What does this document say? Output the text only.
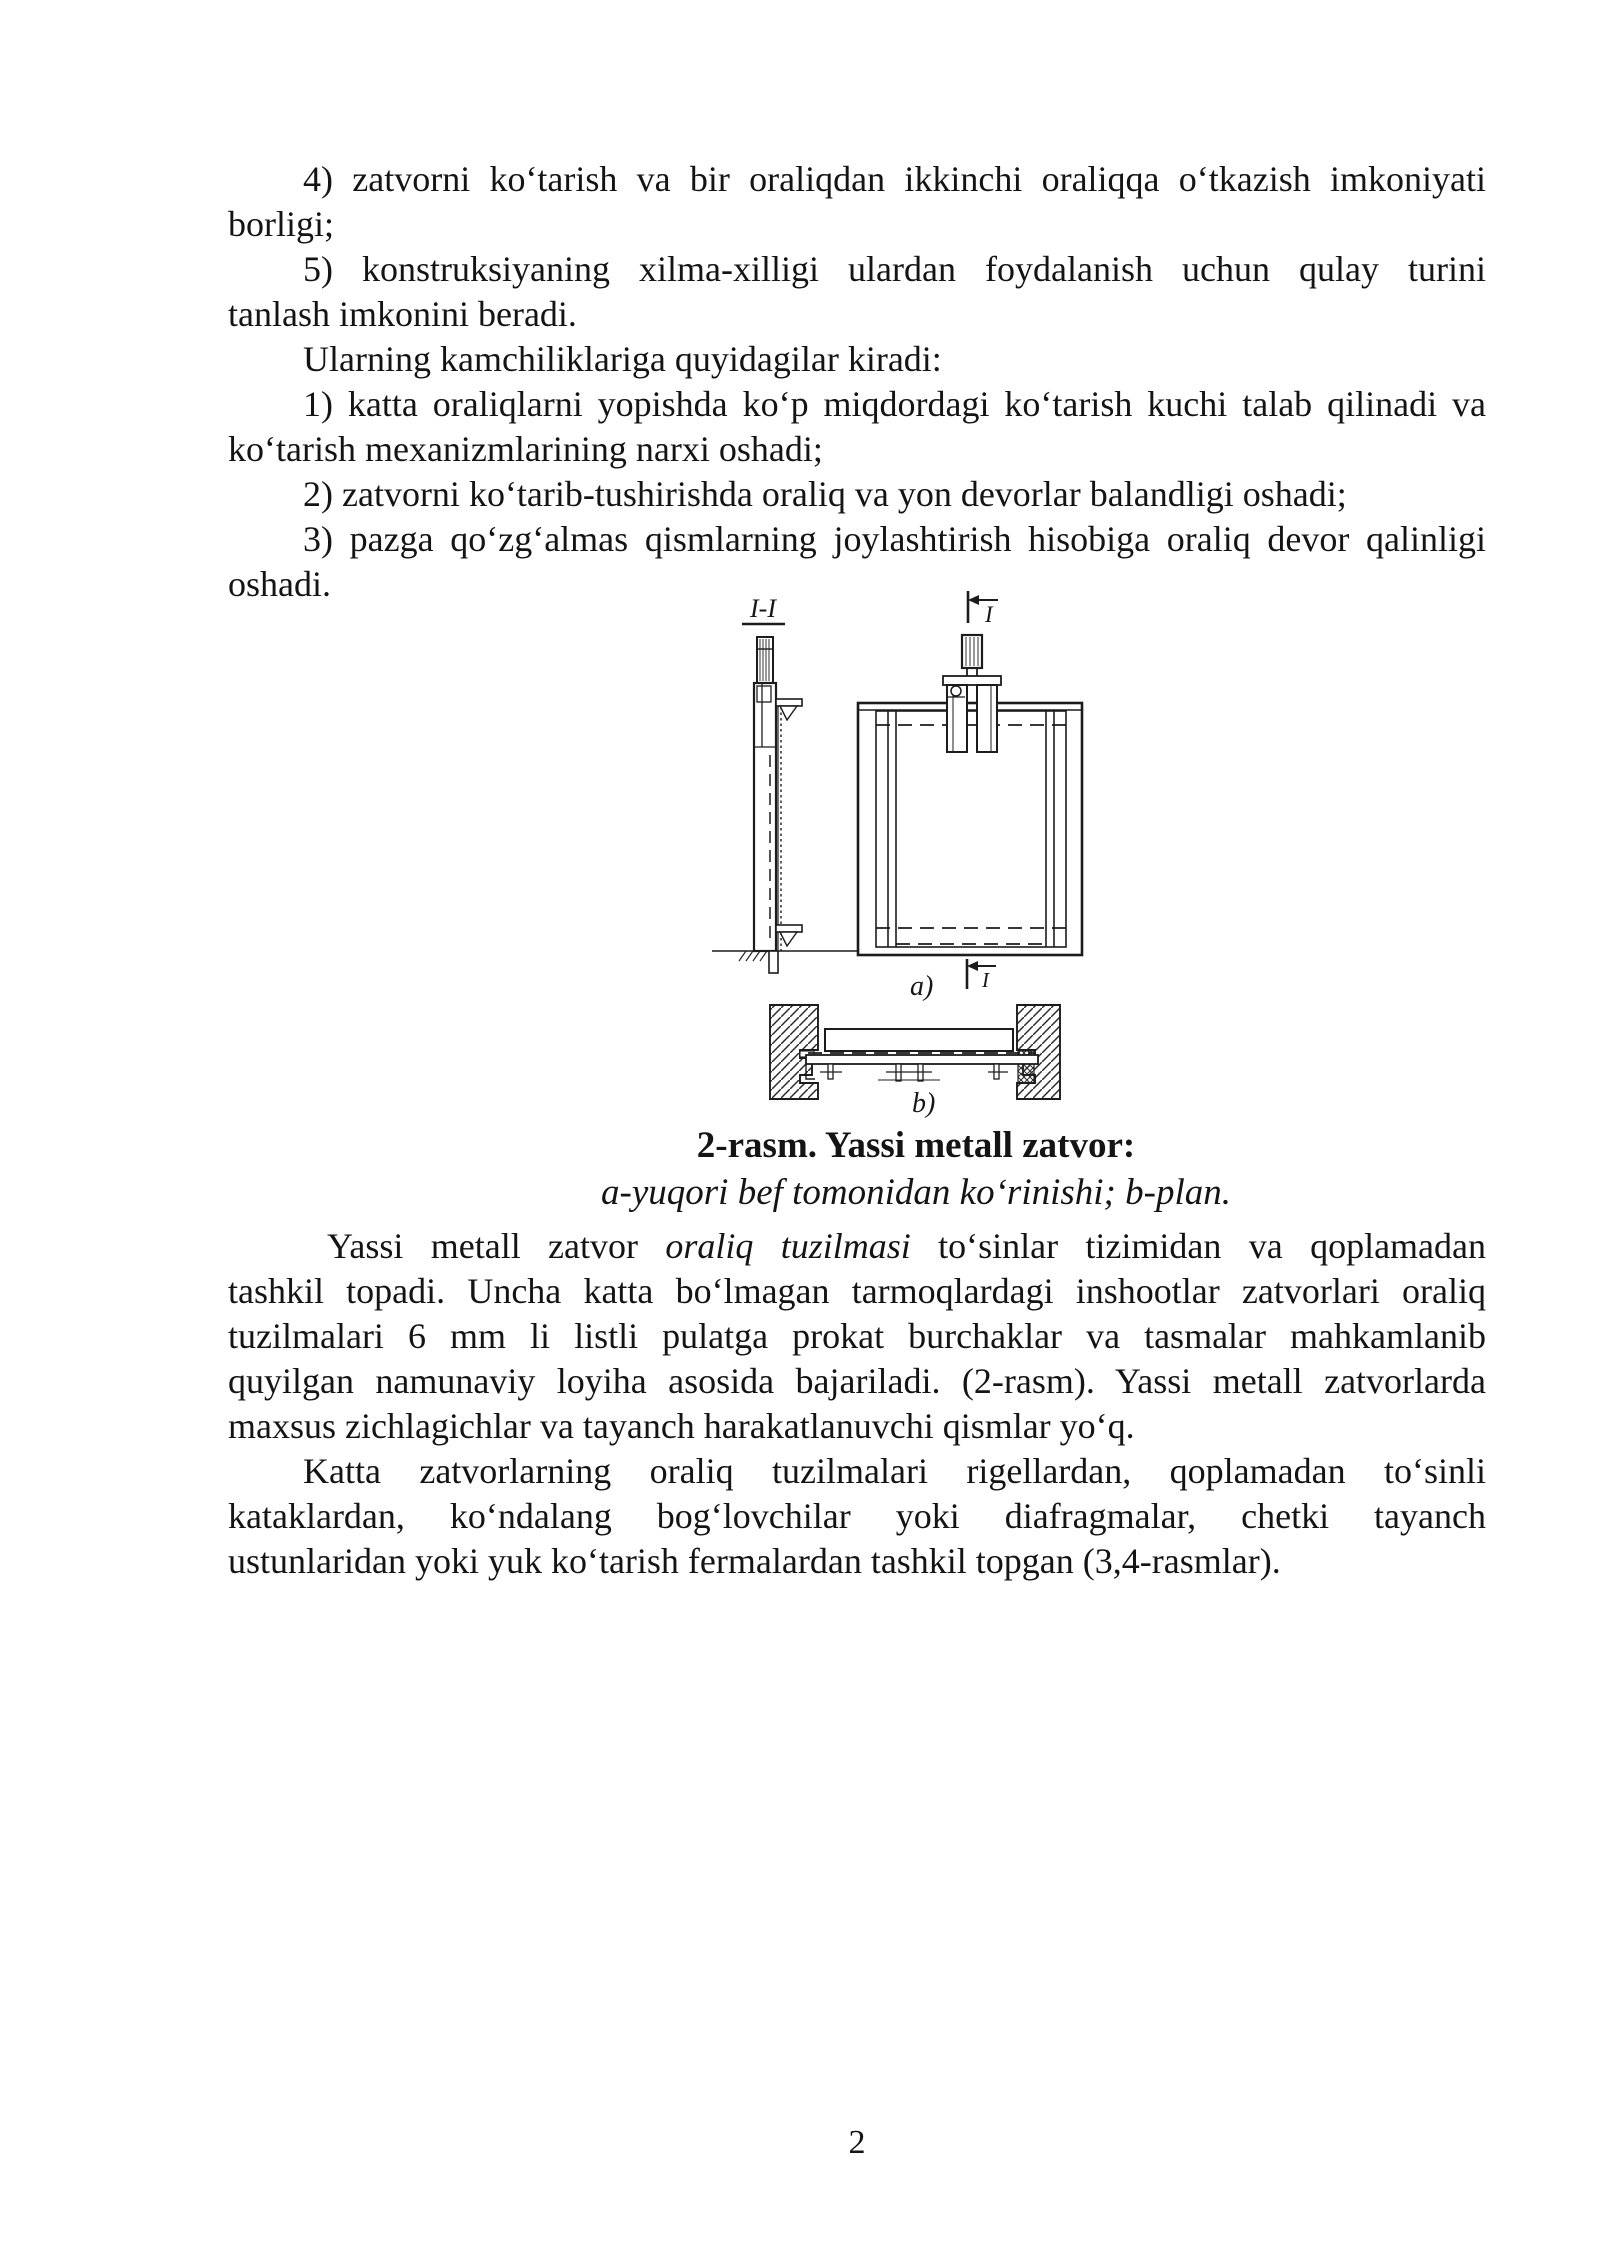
4) zatvorni ko‘tarish va bir oraliqdan ikkinchi oraliqqa o‘tkazish imkoniyati
borligi;
5) konstruksiyaning xilma-xilligi ulardan foydalanish uchun qulay turini
tanlash imkonini beradi.
Ularning kamchiliklariga quyidagilar kiradi:
1) katta oraliqlarni yopishda ko‘p miqdordagi ko‘tarish kuchi talab qilinadi va
ko‘tarish mexanizmlarining narxi oshadi;
2) zatvorni ko‘tarib-tushirishda oraliq va yon devorlar balandligi oshadi;
3) pazga qo‘zg‘almas qismlarning joylashtirish hisobiga oraliq devor qalinligi
oshadi.
I-I	I
I
a)
b)
2-rasm. Yassi metall zatvor:
a-yuqori bef tomonidan ko‘rinishi; b-plan.
Yassi metall zatvor oraliq tuzilmasi to‘sinlar tizimidan va qoplamadan
tashkil topadi. Uncha katta bo‘lmagan tarmoqlardagi inshootlar zatvorlari oraliq
tuzilmalari 6 mm li listli pulatga prokat burchaklar va tasmalar mahkamlanib
quyilgan namunaviy loyiha asosida bajariladi. (2-rasm). Yassi metall zatvorlarda
maxsus zichlagichlar va tayanch harakatlanuvchi qismlar yo‘q.
Katta zatvorlarning oraliq tuzilmalari rigellardan, qoplamadan to‘sinli
kataklardan, ko‘ndalang bog‘lovchilar yoki diafragmalar, chetki tayanch
ustunlaridan yoki yuk ko‘tarish fermalardan tashkil topgan (3,4-rasmlar).
2
